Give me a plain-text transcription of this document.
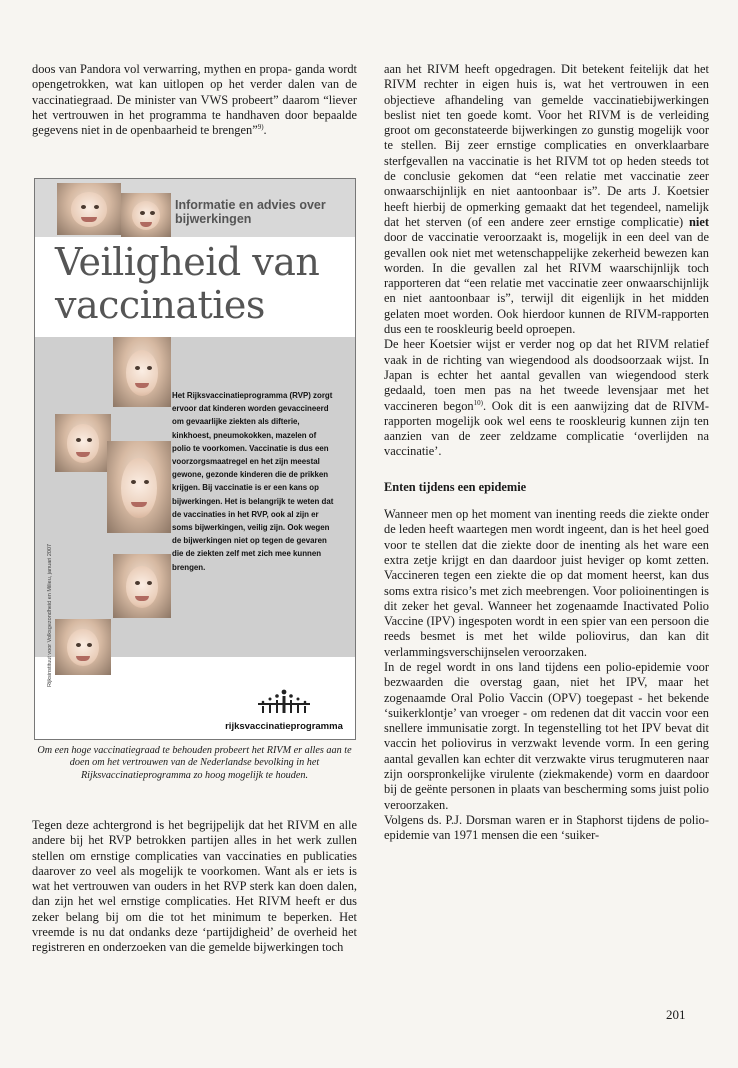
doos van Pandora vol verwarring, mythen en propa- ganda wordt opengetrokken, wat kan uitlopen op het verder dalen van de vaccinatiegraad. De minister van VWS probeert” daarom “liever het vertrouwen in het programma te handhaven door bepaalde gegevens niet in de openbaarheid te brengen”$^{9)}$.

Informatie en advies over bijwerkingen
Veiligheid van
vaccinaties
Het Rijksvaccinatieprogramma (RVP) zorgt ervoor dat kinderen worden gevaccineerd om gevaarlijke ziekten als difterie, kinkhoest, pneumokokken, mazelen of polio te voorkomen. Vaccinatie is dus een voorzorgsmaatregel en het zijn meestal gewone, gezonde kinderen die de prikken krijgen. Bij vaccinatie is er een kans op bijwerkingen. Het is belangrijk te weten dat de vaccinaties in het RVP, ook al zijn er soms bijwerkingen, veilig zijn. Ook wegen de bijwerkingen niet op tegen de gevaren die de ziekten zelf met zich mee kunnen brengen.
Rijksinstituut voor Volksgezondheid en Milieu, januari 2007
rijksvaccinatieprogramma
Om een hoge vaccinatiegraad te behouden probeert het RIVM er alles aan te doen om het vertrouwen van de Nederlandse bevolking in het Rijksvaccinatieprogramma zo hoog mogelijk te houden.

Tegen deze achtergrond is het begrijpelijk dat het RIVM en alle andere bij het RVP betrokken partijen alles in het werk zullen stellen om ernstige complicaties van vaccinaties en publicaties daarover zo veel als mogelijk te voorkomen. Want als er iets is wat het vertrouwen van ouders in het RVP sterk kan doen dalen, dan zijn het wel ernstige complicaties. Het RIVM heeft er dus zeker belang bij om die tot het minimum te beperken. Het vreemde is nu dat ondanks deze ‘partijdigheid’ de overheid het registreren en onderzoeken van die gemelde bijwerkingen toch

aan het RIVM heeft opgedragen. Dit betekent feitelijk dat het RIVM rechter in eigen huis is, wat het vertrouwen in een objectieve afhandeling van gemelde vaccinatiebijwerkingen beslist niet ten goede komt. Voor het RIVM is de verleiding groot om geconstateerde bijwerkingen zo gunstig mogelijk voor te stellen. Bij zeer ernstige complicaties en onverklaarbare sterfgevallen na vaccinatie is het RIVM tot op heden steeds tot de conclusie gekomen dat “een relatie met vaccinatie zeer onwaarschijnlijk en niet aantoonbaar is”. De arts J. Koetsier heeft hierbij de opmerking gemaakt dat het tegendeel, namelijk dat het sterven (of een andere zeer ernstige complicatie) niet door de vaccinatie veroorzaakt is, mogelijk in een deel van de gevallen ook niet met wetenschappelijke zekerheid bewezen kan worden. In die gevallen zal het RIVM waarschijnlijk toch rapporteren dat “een relatie met vaccinatie zeer onwaarschijnlijk en niet aantoonbaar is”, terwijl dit eigenlijk in het midden gelaten moet worden. Ook hierdoor kunnen de RIVM-rapporten dus een te rooskleurig beeld oproepen.

De heer Koetsier wijst er verder nog op dat het RIVM relatief vaak in de richting van wiegendood als doodsoorzaak wijst. In Japan is echter het aantal gevallen van wiegendood sterk gedaald, toen men pas na het tweede levensjaar met het vaccineren begon$^{10)}$. Ook dit is een aanwijzing dat de RIVM-rapporten mogelijk ook wel eens te rooskleurig kunnen zijn ten aanzien van de zeer zeldzame complicatie ‘overlijden na vaccinatie’.

Enten tijdens een epidemie

Wanneer men op het moment van inenting reeds die ziekte onder de leden heeft waartegen men wordt ingeent, dan is het heel goed voor te stellen dat die ziekte door de inenting als het ware een extra zetje krijgt en dan daardoor juist heviger op komt zetten. Vaccineren tegen een ziekte die op dat moment heerst, kan dus soms extra risico’s met zich meebrengen. Voor polioinentingen is dit zeker het geval. Wanneer het zogenaamde Inactivated Polio Vaccine (IPV) ingespoten wordt in een spier van een persoon die reeds besmet is met het wilde poliovirus, dan kan dit verlammingsverschijnselen veroorzaken.

In de regel wordt in ons land tijdens een polio-epidemie voor bezwaarden die overstag gaan, niet het IPV, maar het zogenaamde Oral Polio Vaccin (OPV) toegepast - het bekende ‘suikerklontje’ van vroeger - om redenen dat dit vaccin voor een snellere immunisatie zorgt. In tegenstelling tot het IPV bevat dit vaccin het poliovirus in verzwakt levende vorm. In een gering aantal gevallen kan echter dit verzwakte virus terugmuteren naar zijn oorspronkelijke virulente (ziekmakende) vorm en daardoor bij de geënte personen in plaats van bescherming soms juist polio veroorzaken.

Volgens ds. P.J. Dorsman waren er in Staphorst tijdens de polio-epidemie van 1971 mensen die een ‘suiker-

201
